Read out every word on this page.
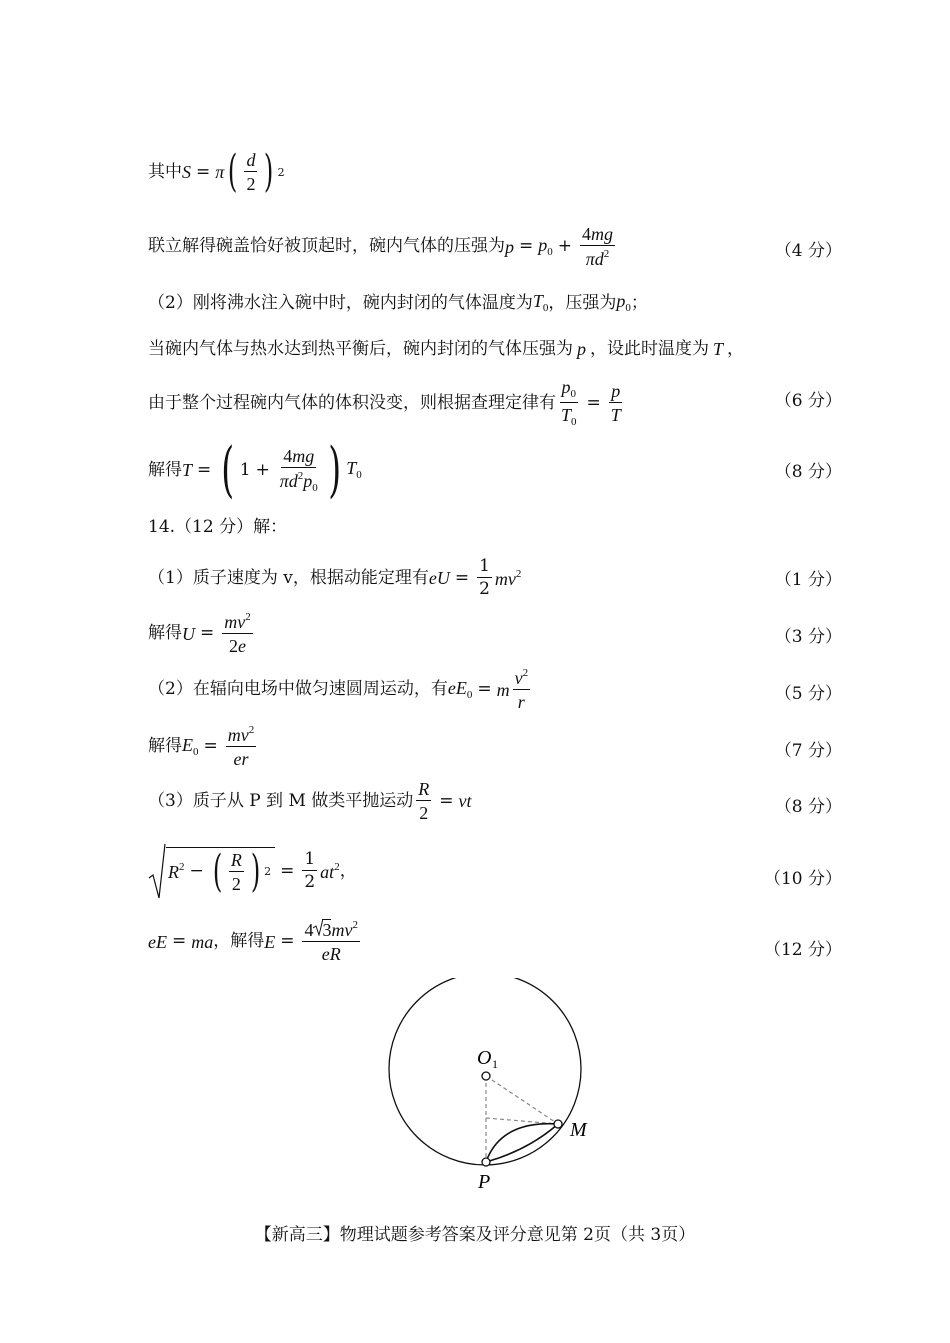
其中 S = π ( $\frac{d}{2}$ ) 2
联立解得碗盖恰好被顶起时，碗内气体的压强为 $p = p_0 + \frac{4mg}{\pi d^2}$	（4 分）
（2）刚将沸水注入碗中时，碗内封闭的气体温度为 $T_0$ ，压强为 $p_0$ ；
当碗内气体与热水达到热平衡后，碗内封闭的气体压强为 p ，设此时温度为 T ，
由于整个过程碗内气体的体积没变，则根据查理定律有 $\frac{p_0}{T_0} = \frac{p}{T}$	（6 分）
解得 T = ( $1 + \frac{4mg}{\pi d^2p_0}$ ) $T_0$	（8 分）
14.（12 分）解：
（1）质子速度为 v，根据动能定理有 eU = $\frac{1}{2} mv^2$	（1 分）
解得 $U = \frac{mv^2}{2e}$	（3 分）
（2）在辐向电场中做匀速圆周运动，有 $eE_0 = m \frac{v^2}{r}$	（5 分）
解得 $E_0 = \frac{mv^2}{er}$	（7 分）
（3）质子从 P 到 M 做类平抛运动 $\frac{R}{2}$ = vt	（8 分）
$R^2$ − ( $\frac{R}{2}$ ) $2 = \frac{1}{2} at^2$ ，	（10 分）
eE = ma ，解得 $E = \frac{4 3mv^2}{eR}$	（12 分）
O 1
M
P
【新高三】物理试题参考答案及评分意见第 2页（共 3页）
